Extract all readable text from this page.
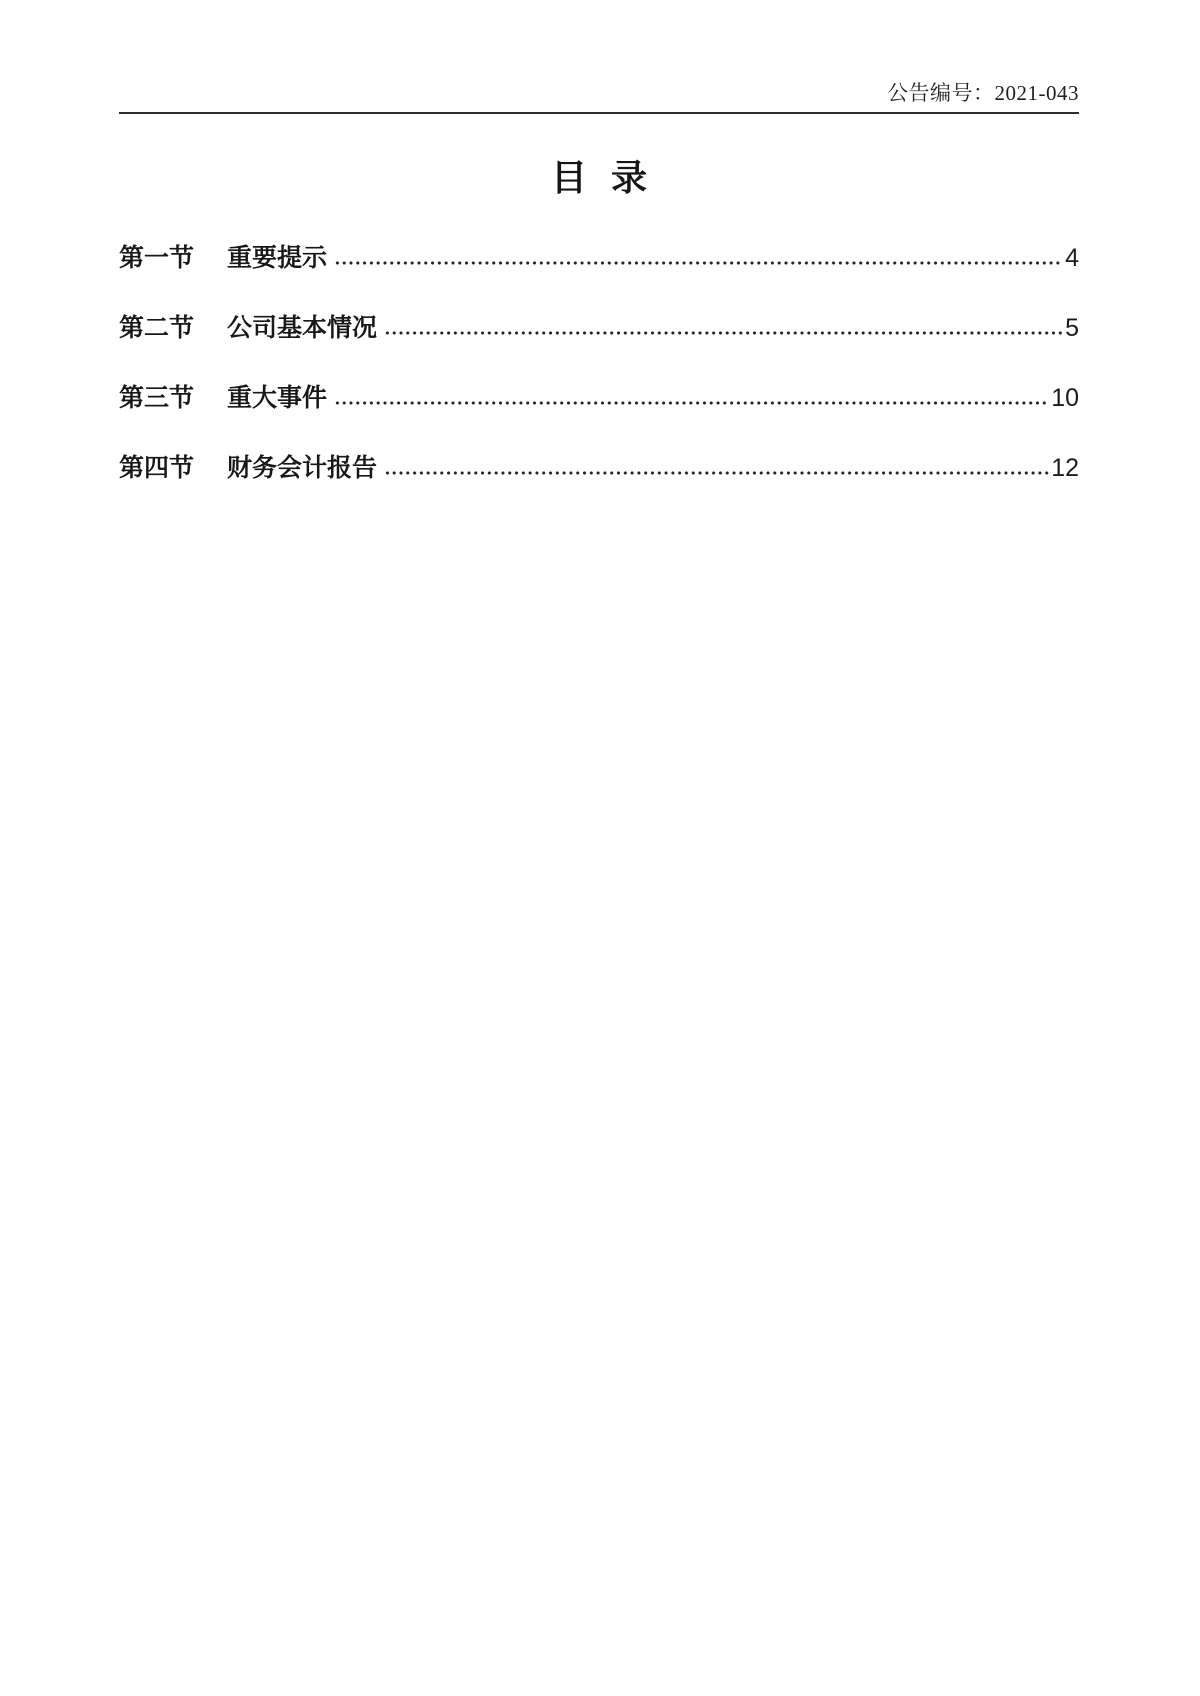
公告编号：2021-043
目 录
第一节	重要提示	4
第二节	公司基本情况	5
第三节	重大事件	10
第四节	财务会计报告	12
